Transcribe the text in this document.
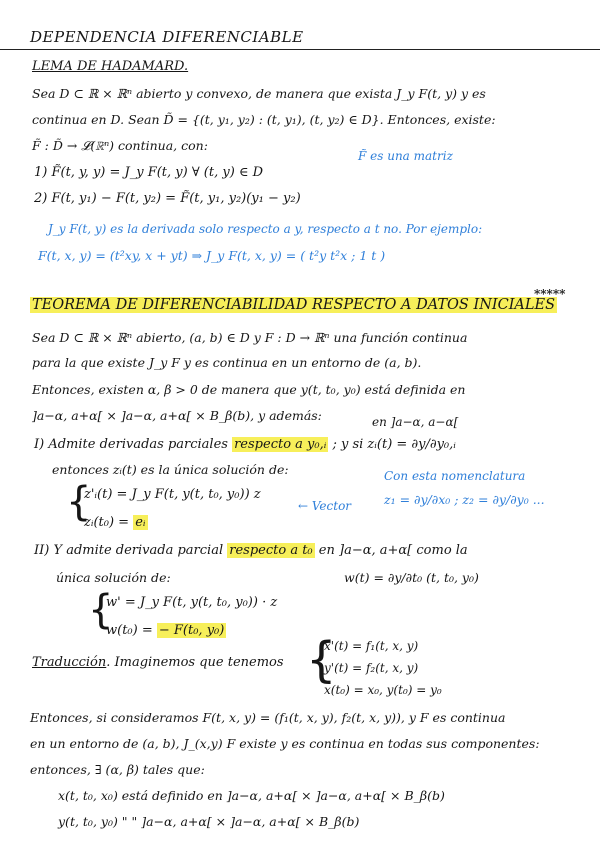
DEPENDENCIA DIFERENCIABLE
LEMA DE HADAMARD.
Sea D ⊂ ℝ × ℝⁿ abierto y convexo, de manera que exista J_y F(t, y) y es
continua en D. Sean D̃ = {(t, y₁, y₂) : (t, y₁), (t, y₂) ∈ D}. Entonces, existe:
F̃ : D̃ → 𝓛(ℝⁿ) continua, con:
F̃ es una matriz
1) F̃(t, y, y) = J_y F(t, y) ∀ (t, y) ∈ D
2) F(t, y₁) − F(t, y₂) = F̃(t, y₁, y₂)(y₁ − y₂)
J_y F(t, y) es la derivada solo respecto a y, respecto a t no. Por ejemplo:
F(t, x, y) = (t²xy, x + yt) ⇒ J_y F(t, x, y) = ( t²y t²x ; 1 t )
TEOREMA DE DIFERENCIABILIDAD RESPECTO A DATOS INICIALES
*****
Sea D ⊂ ℝ × ℝⁿ abierto, (a, b) ∈ D y F : D → ℝⁿ una función continua
para la que existe J_y F y es continua en un entorno de (a, b).
Entonces, existen α, β > 0 de manera que y(t, t₀, y₀) está definida en
]a−α, a+α[ × ]a−α, a+α[ × B_β(b), y además:	en ]a−α, a−α[
I) Admite derivadas parciales respecto a y₀,ᵢ ; y si zᵢ(t) = ∂y/∂y₀,ᵢ
entonces zᵢ(t) es la única solución de:
{
z'ᵢ(t) = J_y F(t, y(t, t₀, y₀)) z
zᵢ(t₀) = eᵢ
← Vector
Con esta nomenclatura
z₁ = ∂y/∂x₀ ; z₂ = ∂y/∂y₀ ...
II) Y admite derivada parcial respecto a t₀ en ]a−α, a+α[ como la
única solución de:	w(t) = ∂y/∂t₀ (t, t₀, y₀)
{
w' = J_y F(t, y(t, t₀, y₀)) · z
w(t₀) = − F(t₀, y₀)
Traducción. Imaginemos que tenemos {
x'(t) = f₁(t, x, y)
y'(t) = f₂(t, x, y)
x(t₀) = x₀, y(t₀) = y₀
Entonces, si consideramos F(t, x, y) = (f₁(t, x, y), f₂(t, x, y)), y F es continua
en un entorno de (a, b), J_(x,y) F existe y es continua en todas sus componentes:
entonces, ∃ (α, β) tales que:
x(t, t₀, x₀) está definido en ]a−α, a+α[ × ]a−α, a+α[ × B_β(b)
y(t, t₀, y₀) " " ]a−α, a+α[ × ]a−α, a+α[ × B_β(b)
